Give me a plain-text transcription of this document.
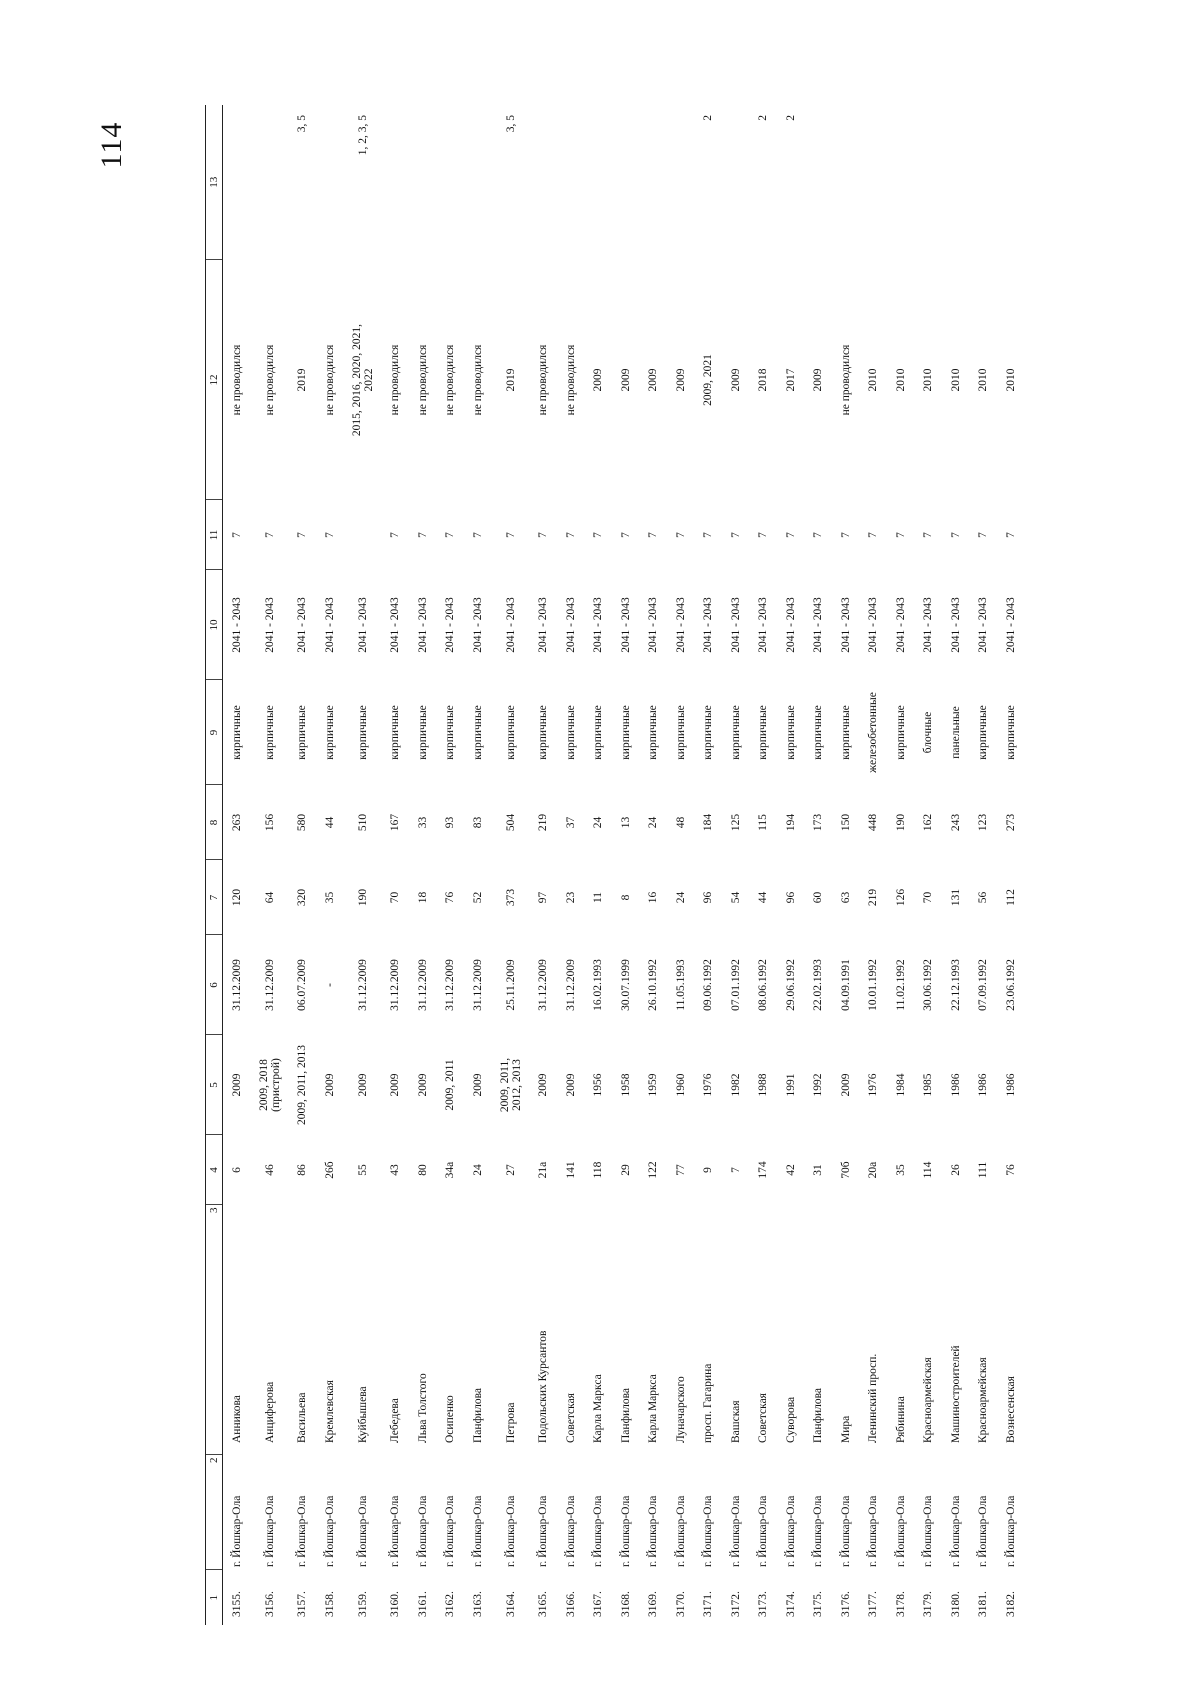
114
1	2	3	4	5	6	7	8	9	10	11	12	13
3155.	г. Йошкар-Ола	Анникова	6	2009	31.12.2009	120	263	кирпичные	2041 - 2043	7	не проводился	
3156.	г. Йошкар-Ола	Анциферова	46	2009, 2018
(пристрой)	31.12.2009	64	156	кирпичные	2041 - 2043	7	не проводился	
3157.	г. Йошкар-Ола	Васильева	86	2009, 2011, 2013	06.07.2009	320	580	кирпичные	2041 - 2043	7	2019	3, 5
3158.	г. Йошкар-Ола	Кремлевская	26б	2009	-	35	44	кирпичные	2041 - 2043	7	не проводился	
3159.	г. Йошкар-Ола	Куйбышева	55	2009	31.12.2009	190	510	кирпичные	2041 - 2043		2015, 2016, 2020, 2021,
2022	1, 2, 3, 5
3160.	г. Йошкар-Ола	Лебедева	43	2009	31.12.2009	70	167	кирпичные	2041 - 2043	7	не проводился	
3161.	г. Йошкар-Ола	Льва Толстого	80	2009	31.12.2009	18	33	кирпичные	2041 - 2043	7	не проводился	
3162.	г. Йошкар-Ола	Осипенко	34а	2009, 2011	31.12.2009	76	93	кирпичные	2041 - 2043	7	не проводился	
3163.	г. Йошкар-Ола	Панфилова	24	2009	31.12.2009	52	83	кирпичные	2041 - 2043	7	не проводился	
3164.	г. Йошкар-Ола	Петрова	27	2009, 2011,
2012, 2013	25.11.2009	373	504	кирпичные	2041 - 2043	7	2019	3, 5
3165.	г. Йошкар-Ола	Подольских Курсантов	21а	2009	31.12.2009	97	219	кирпичные	2041 - 2043	7	не проводился	
3166.	г. Йошкар-Ола	Советская	141	2009	31.12.2009	23	37	кирпичные	2041 - 2043	7	не проводился	
3167.	г. Йошкар-Ола	Карла Маркса	118	1956	16.02.1993	11	24	кирпичные	2041 - 2043	7	2009	
3168.	г. Йошкар-Ола	Панфилова	29	1958	30.07.1999	8	13	кирпичные	2041 - 2043	7	2009	
3169.	г. Йошкар-Ола	Карла Маркса	122	1959	26.10.1992	16	24	кирпичные	2041 - 2043	7	2009	
3170.	г. Йошкар-Ола	Луначарского	77	1960	11.05.1993	24	48	кирпичные	2041 - 2043	7	2009	
3171.	г. Йошкар-Ола	просп. Гагарина	9	1976	09.06.1992	96	184	кирпичные	2041 - 2043	7	2009, 2021	2
3172.	г. Йошкар-Ола	Вашская	7	1982	07.01.1992	54	125	кирпичные	2041 - 2043	7	2009	
3173.	г. Йошкар-Ола	Советская	174	1988	08.06.1992	44	115	кирпичные	2041 - 2043	7	2018	2
3174.	г. Йошкар-Ола	Суворова	42	1991	29.06.1992	96	194	кирпичные	2041 - 2043	7	2017	2
3175.	г. Йошкар-Ола	Панфилова	31	1992	22.02.1993	60	173	кирпичные	2041 - 2043	7	2009	
3176.	г. Йошкар-Ола	Мира	70б	2009	04.09.1991	63	150	кирпичные	2041 - 2043	7	не проводился	
3177.	г. Йошкар-Ола	Ленинский просп.	20а	1976	10.01.1992	219	448	железобетонные	2041 - 2043	7	2010	
3178.	г. Йошкар-Ола	Рябинина	35	1984	11.02.1992	126	190	кирпичные	2041 - 2043	7	2010	
3179.	г. Йошкар-Ола	Красноармейская	114	1985	30.06.1992	70	162	блочные	2041 - 2043	7	2010	
3180.	г. Йошкар-Ола	Машиностроителей	26	1986	22.12.1993	131	243	панельные	2041 - 2043	7	2010	
3181.	г. Йошкар-Ола	Красноармейская	111	1986	07.09.1992	56	123	кирпичные	2041 - 2043	7	2010	
3182.	г. Йошкар-Ола	Вознесенская	76	1986	23.06.1992	112	273	кирпичные	2041 - 2043	7	2010	
